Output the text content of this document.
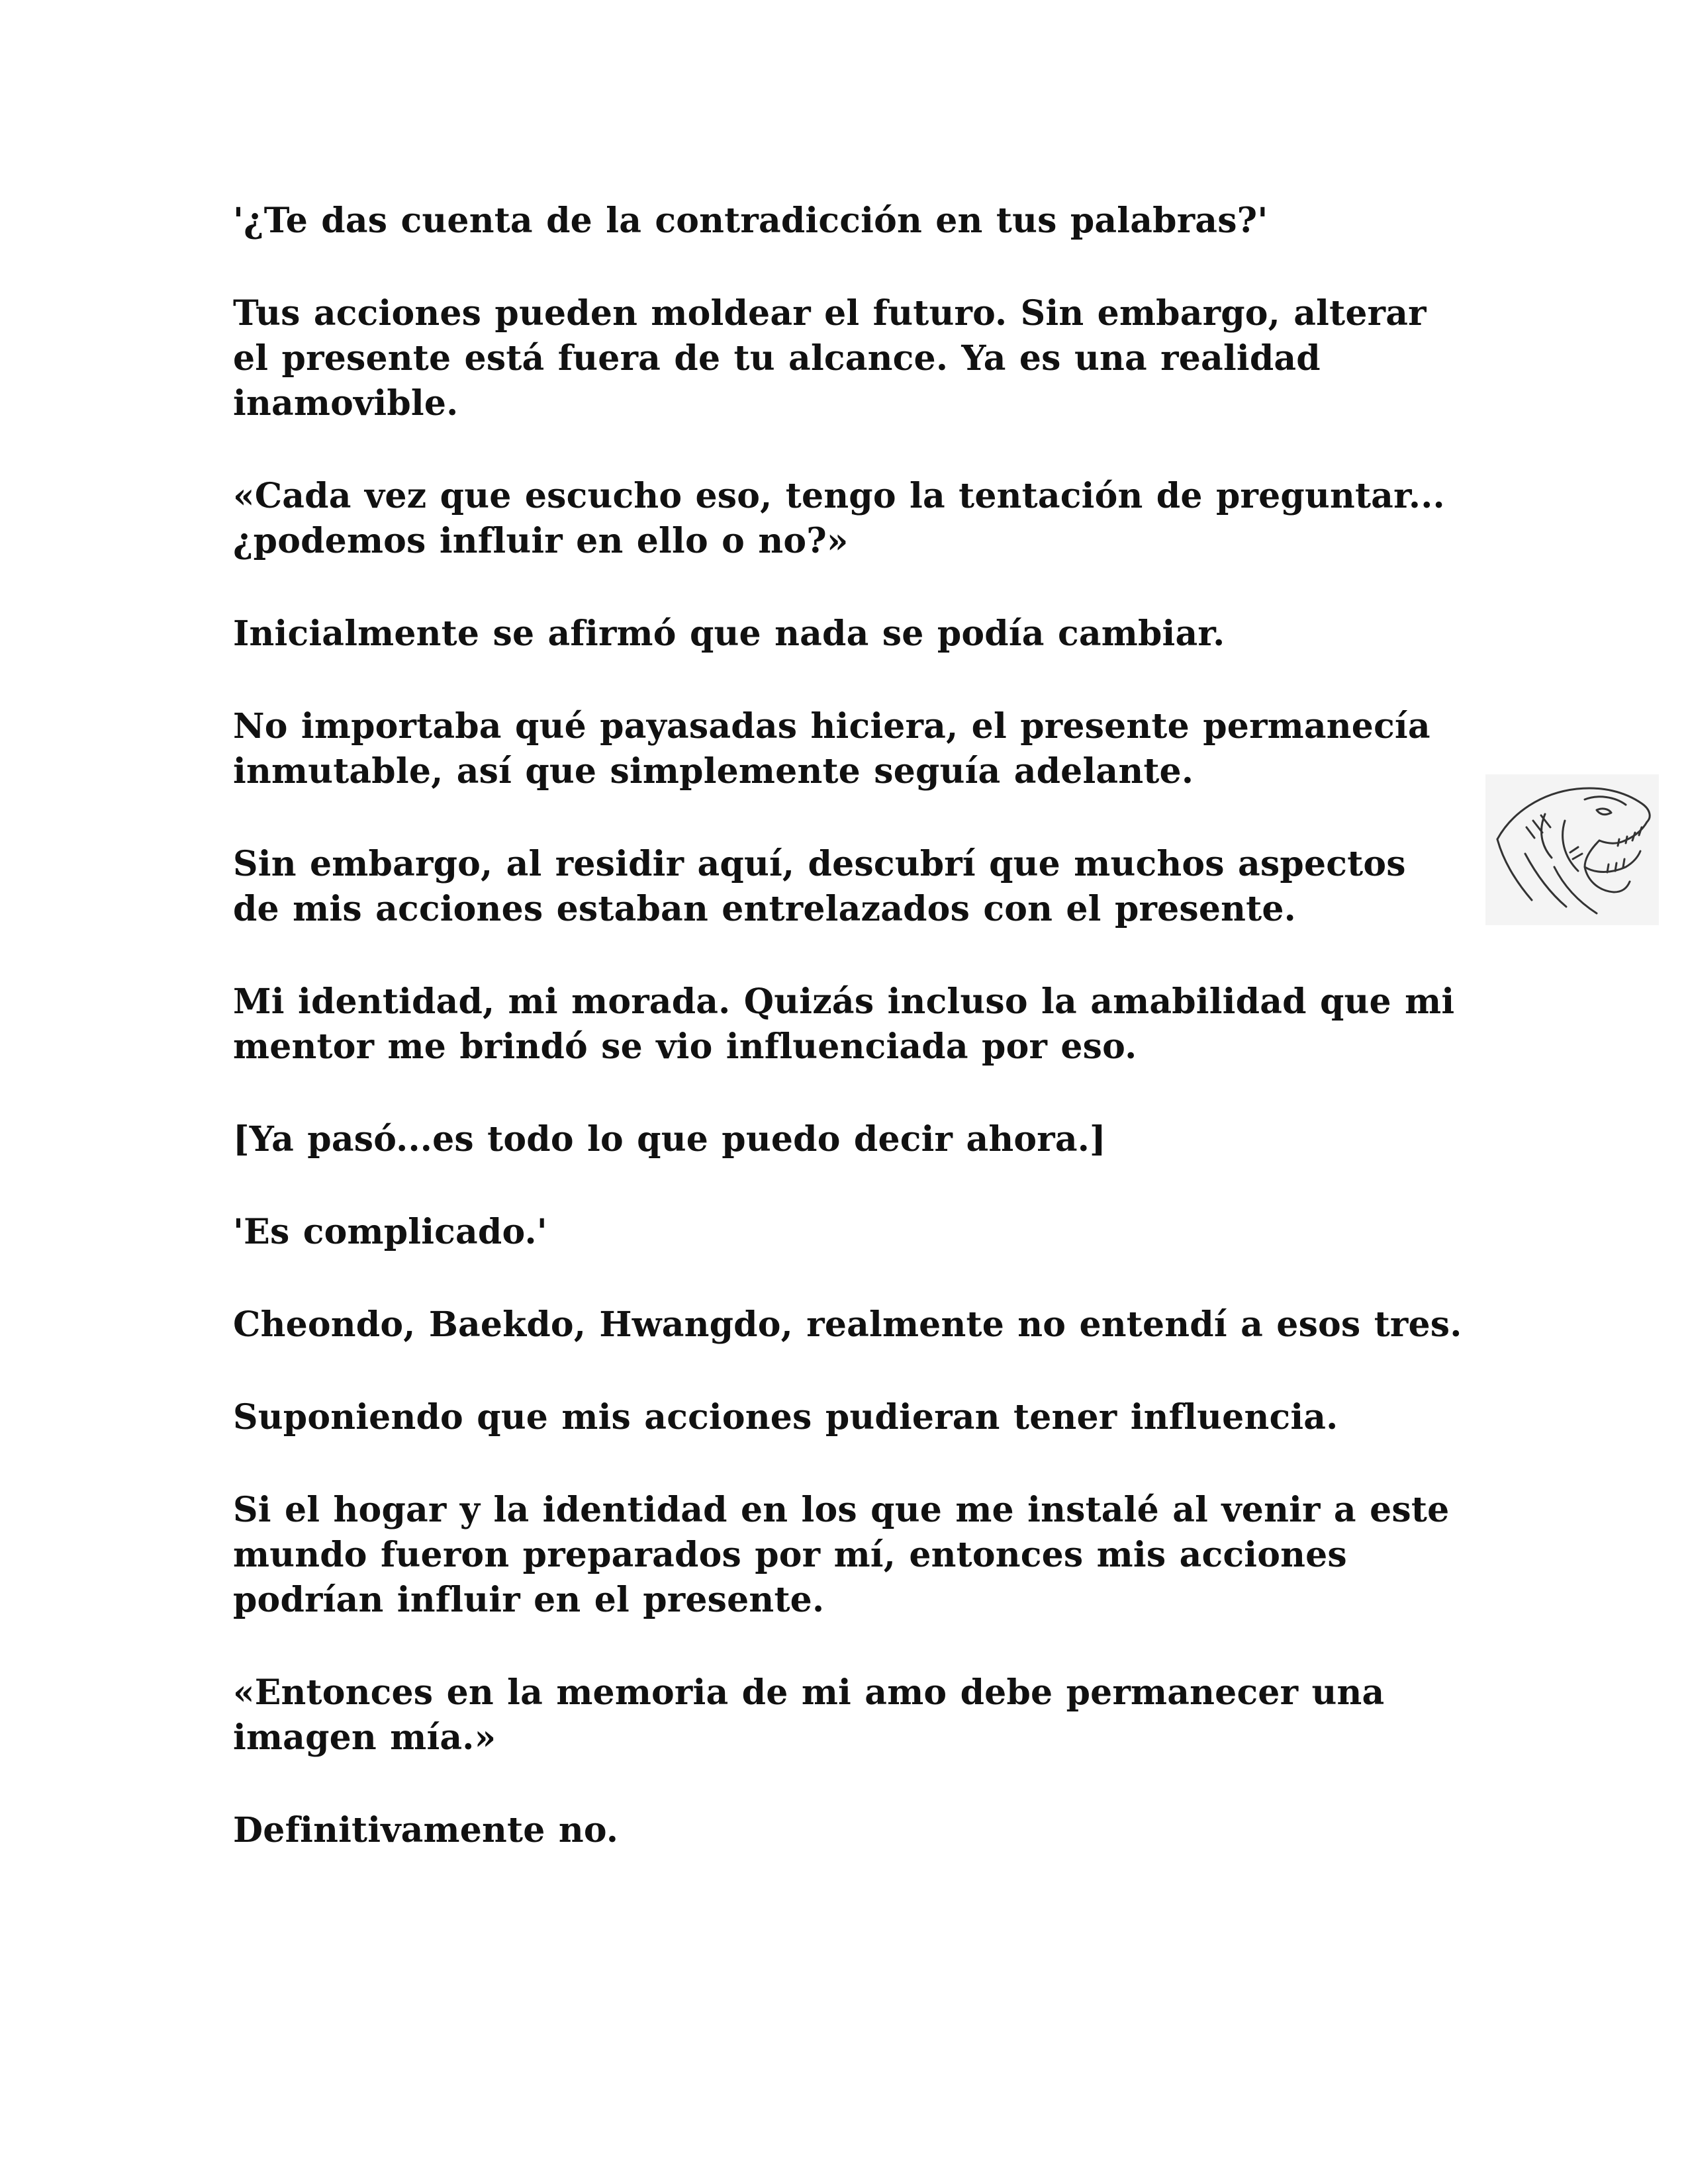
'¿Te das cuenta de la contradicción en tus palabras?'

Tus acciones pueden moldear el futuro. Sin embargo, alterar el presente está fuera de tu alcance. Ya es una realidad inamovible.

«Cada vez que escucho eso, tengo la tentación de preguntar... ¿podemos influir en ello o no?»

Inicialmente se afirmó que nada se podía cambiar.

No importaba qué payasadas hiciera, el presente permanecía inmutable, así que simplemente seguía adelante.

Sin embargo, al residir aquí, descubrí que muchos aspectos de mis acciones estaban entrelazados con el presente.

Mi identidad, mi morada. Quizás incluso la amabilidad que mi mentor me brindó se vio influenciada por eso.

[Ya pasó...es todo lo que puedo decir ahora.]

'Es complicado.'

Cheondo, Baekdo, Hwangdo, realmente no entendí a esos tres.

Suponiendo que mis acciones pudieran tener influencia.

Si el hogar y la identidad en los que me instalé al venir a este mundo fueron preparados por mí, entonces mis acciones podrían influir en el presente.

«Entonces en la memoria de mi amo debe permanecer una imagen mía.»

Definitivamente no.
